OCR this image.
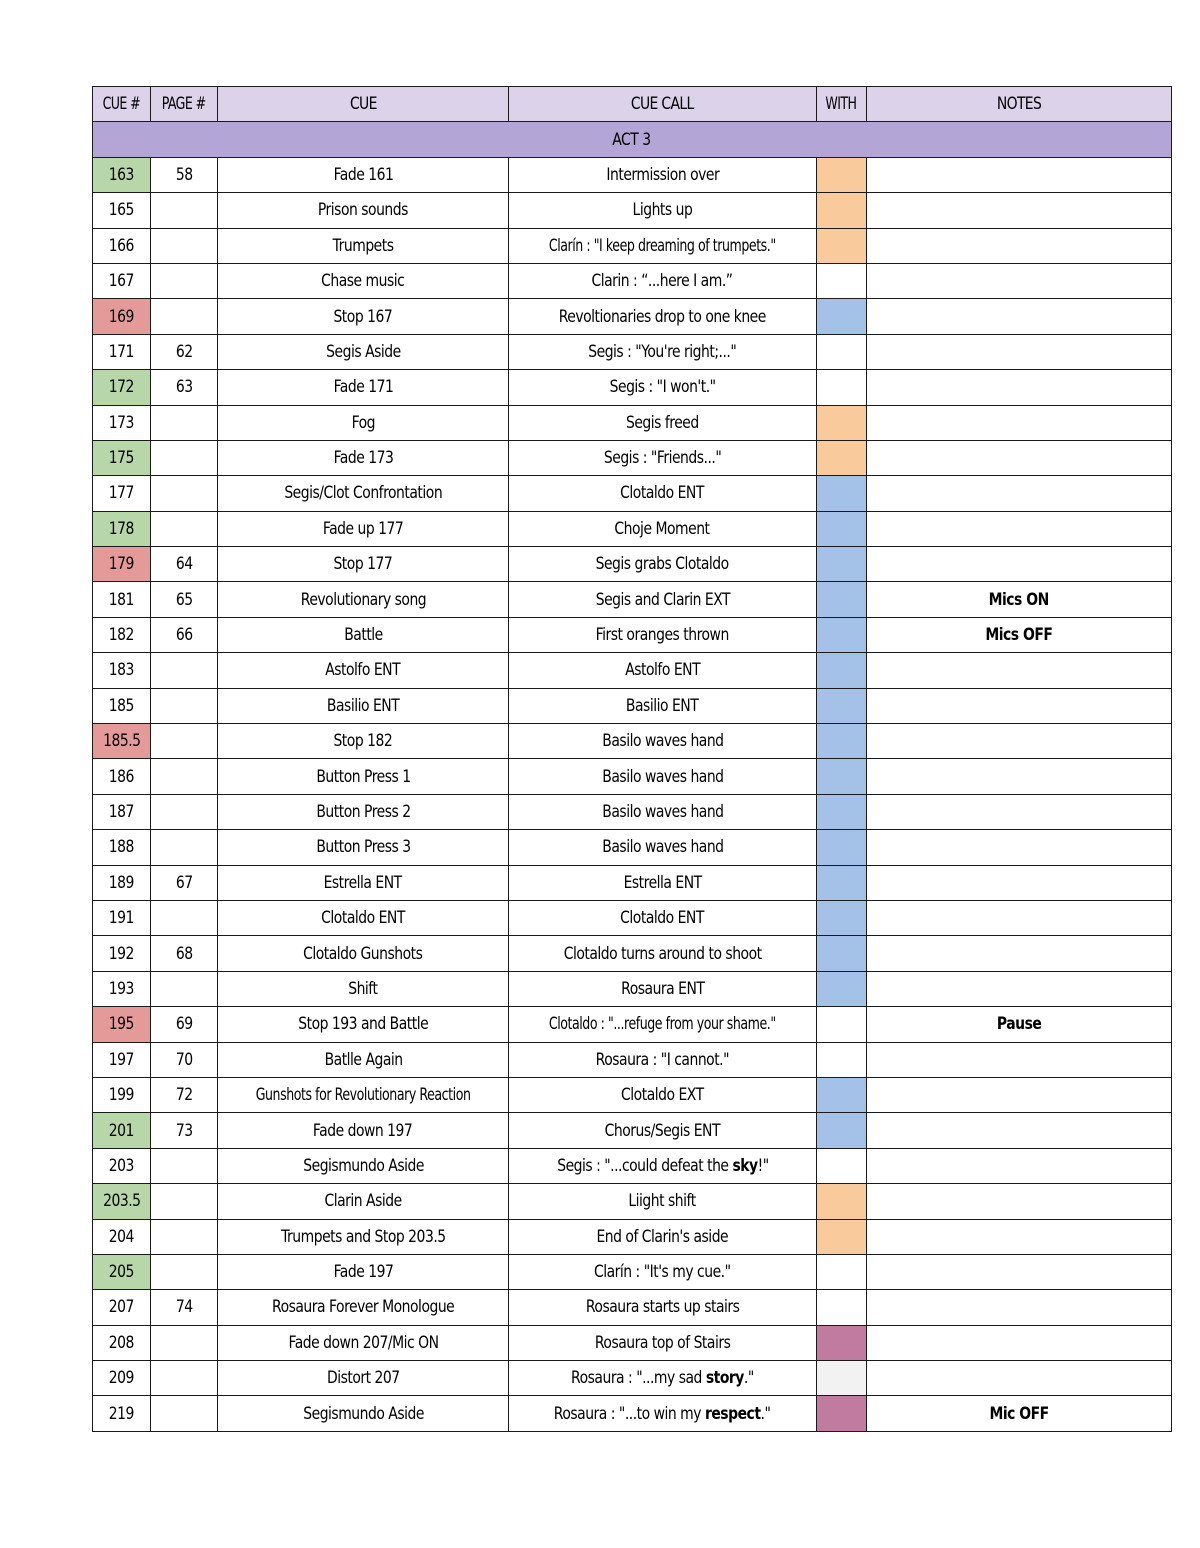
CUE #	PAGE #	CUE	CUE CALL	WITH	NOTES
ACT 3					
163	58	Fade 161	Intermission over		
165		Prison sounds	Lights up		
166		Trumpets	Clarín : "I keep dreaming of trumpets."		
167		Chase music	Clarin : “...here I am.”		
169		Stop 167	Revoltionaries drop to one knee		
171	62	Segis Aside	Segis : "You're right;..."		
172	63	Fade 171	Segis : "I won't."		
173		Fog	Segis freed		
175		Fade 173	Segis : "Friends..."		
177		Segis/Clot Confrontation	Clotaldo ENT		
178		Fade up 177	Choje Moment		
179	64	Stop 177	Segis grabs Clotaldo		
181	65	Revolutionary song	Segis and Clarin EXT		Mics ON
182	66	Battle	First oranges thrown		Mics OFF
183		Astolfo ENT	Astolfo ENT		
185		Basilio ENT	Basilio ENT		
185.5		Stop 182	Basilo waves hand		
186		Button Press 1	Basilo waves hand		
187		Button Press 2	Basilo waves hand		
188		Button Press 3	Basilo waves hand		
189	67	Estrella ENT	Estrella ENT		
191		Clotaldo ENT	Clotaldo ENT		
192	68	Clotaldo Gunshots	Clotaldo turns around to shoot		
193		Shift	Rosaura ENT		
195	69	Stop 193 and Battle	Clotaldo : "...refuge from your shame."		Pause
197	70	Batlle Again	Rosaura : "I cannot."		
199	72	Gunshots for Revolutionary Reaction	Clotaldo EXT		
201	73	Fade down 197	Chorus/Segis ENT		
203		Segismundo Aside	Segis : "...could defeat the sky!"		
203.5		Clarin Aside	Liight shift		
204		Trumpets and Stop 203.5	End of Clarin's aside		
205		Fade 197	Clarín : "It's my cue."		
207	74	Rosaura Forever Monologue	Rosaura starts up stairs		
208		Fade down 207/Mic ON	Rosaura top of Stairs		
209		Distort 207	Rosaura : "...my sad story."		
219		Segismundo Aside	Rosaura : "...to win my respect."		Mic OFF
